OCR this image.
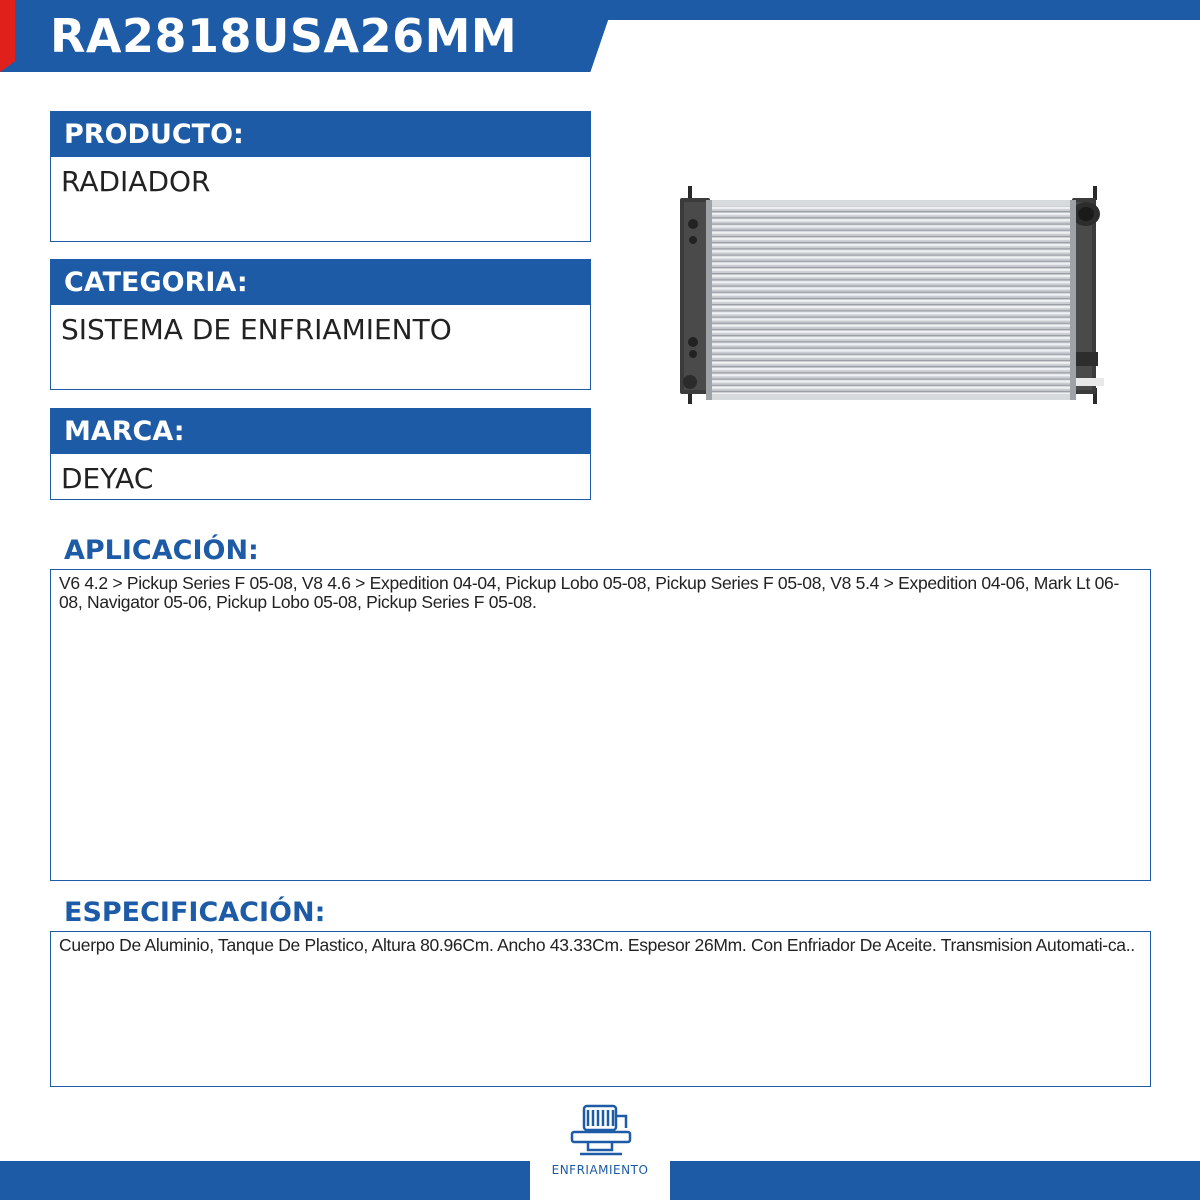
RA2818USA26MM
PRODUCTO:
RADIADOR
CATEGORIA:
SISTEMA DE ENFRIAMIENTO
MARCA:
DEYAC
APLICACIÓN:

V6 4.2 > Pickup Series F 05-08, V8 4.6 > Expedition 04-04, Pickup Lobo 05-08, Pickup Series F 05-08, V8 5.4 > Expedition 04-06, Mark Lt 06-08, Navigator 05-06, Pickup Lobo 05-08, Pickup Series F 05-08.

ESPECIFICACIÓN:

Cuerpo De Aluminio, Tanque De Plastico, Altura 80.96Cm. Ancho 43.33Cm. Espesor 26Mm. Con Enfriador De Aceite. Transmision Automati-ca..

ENFRIAMIENTO
